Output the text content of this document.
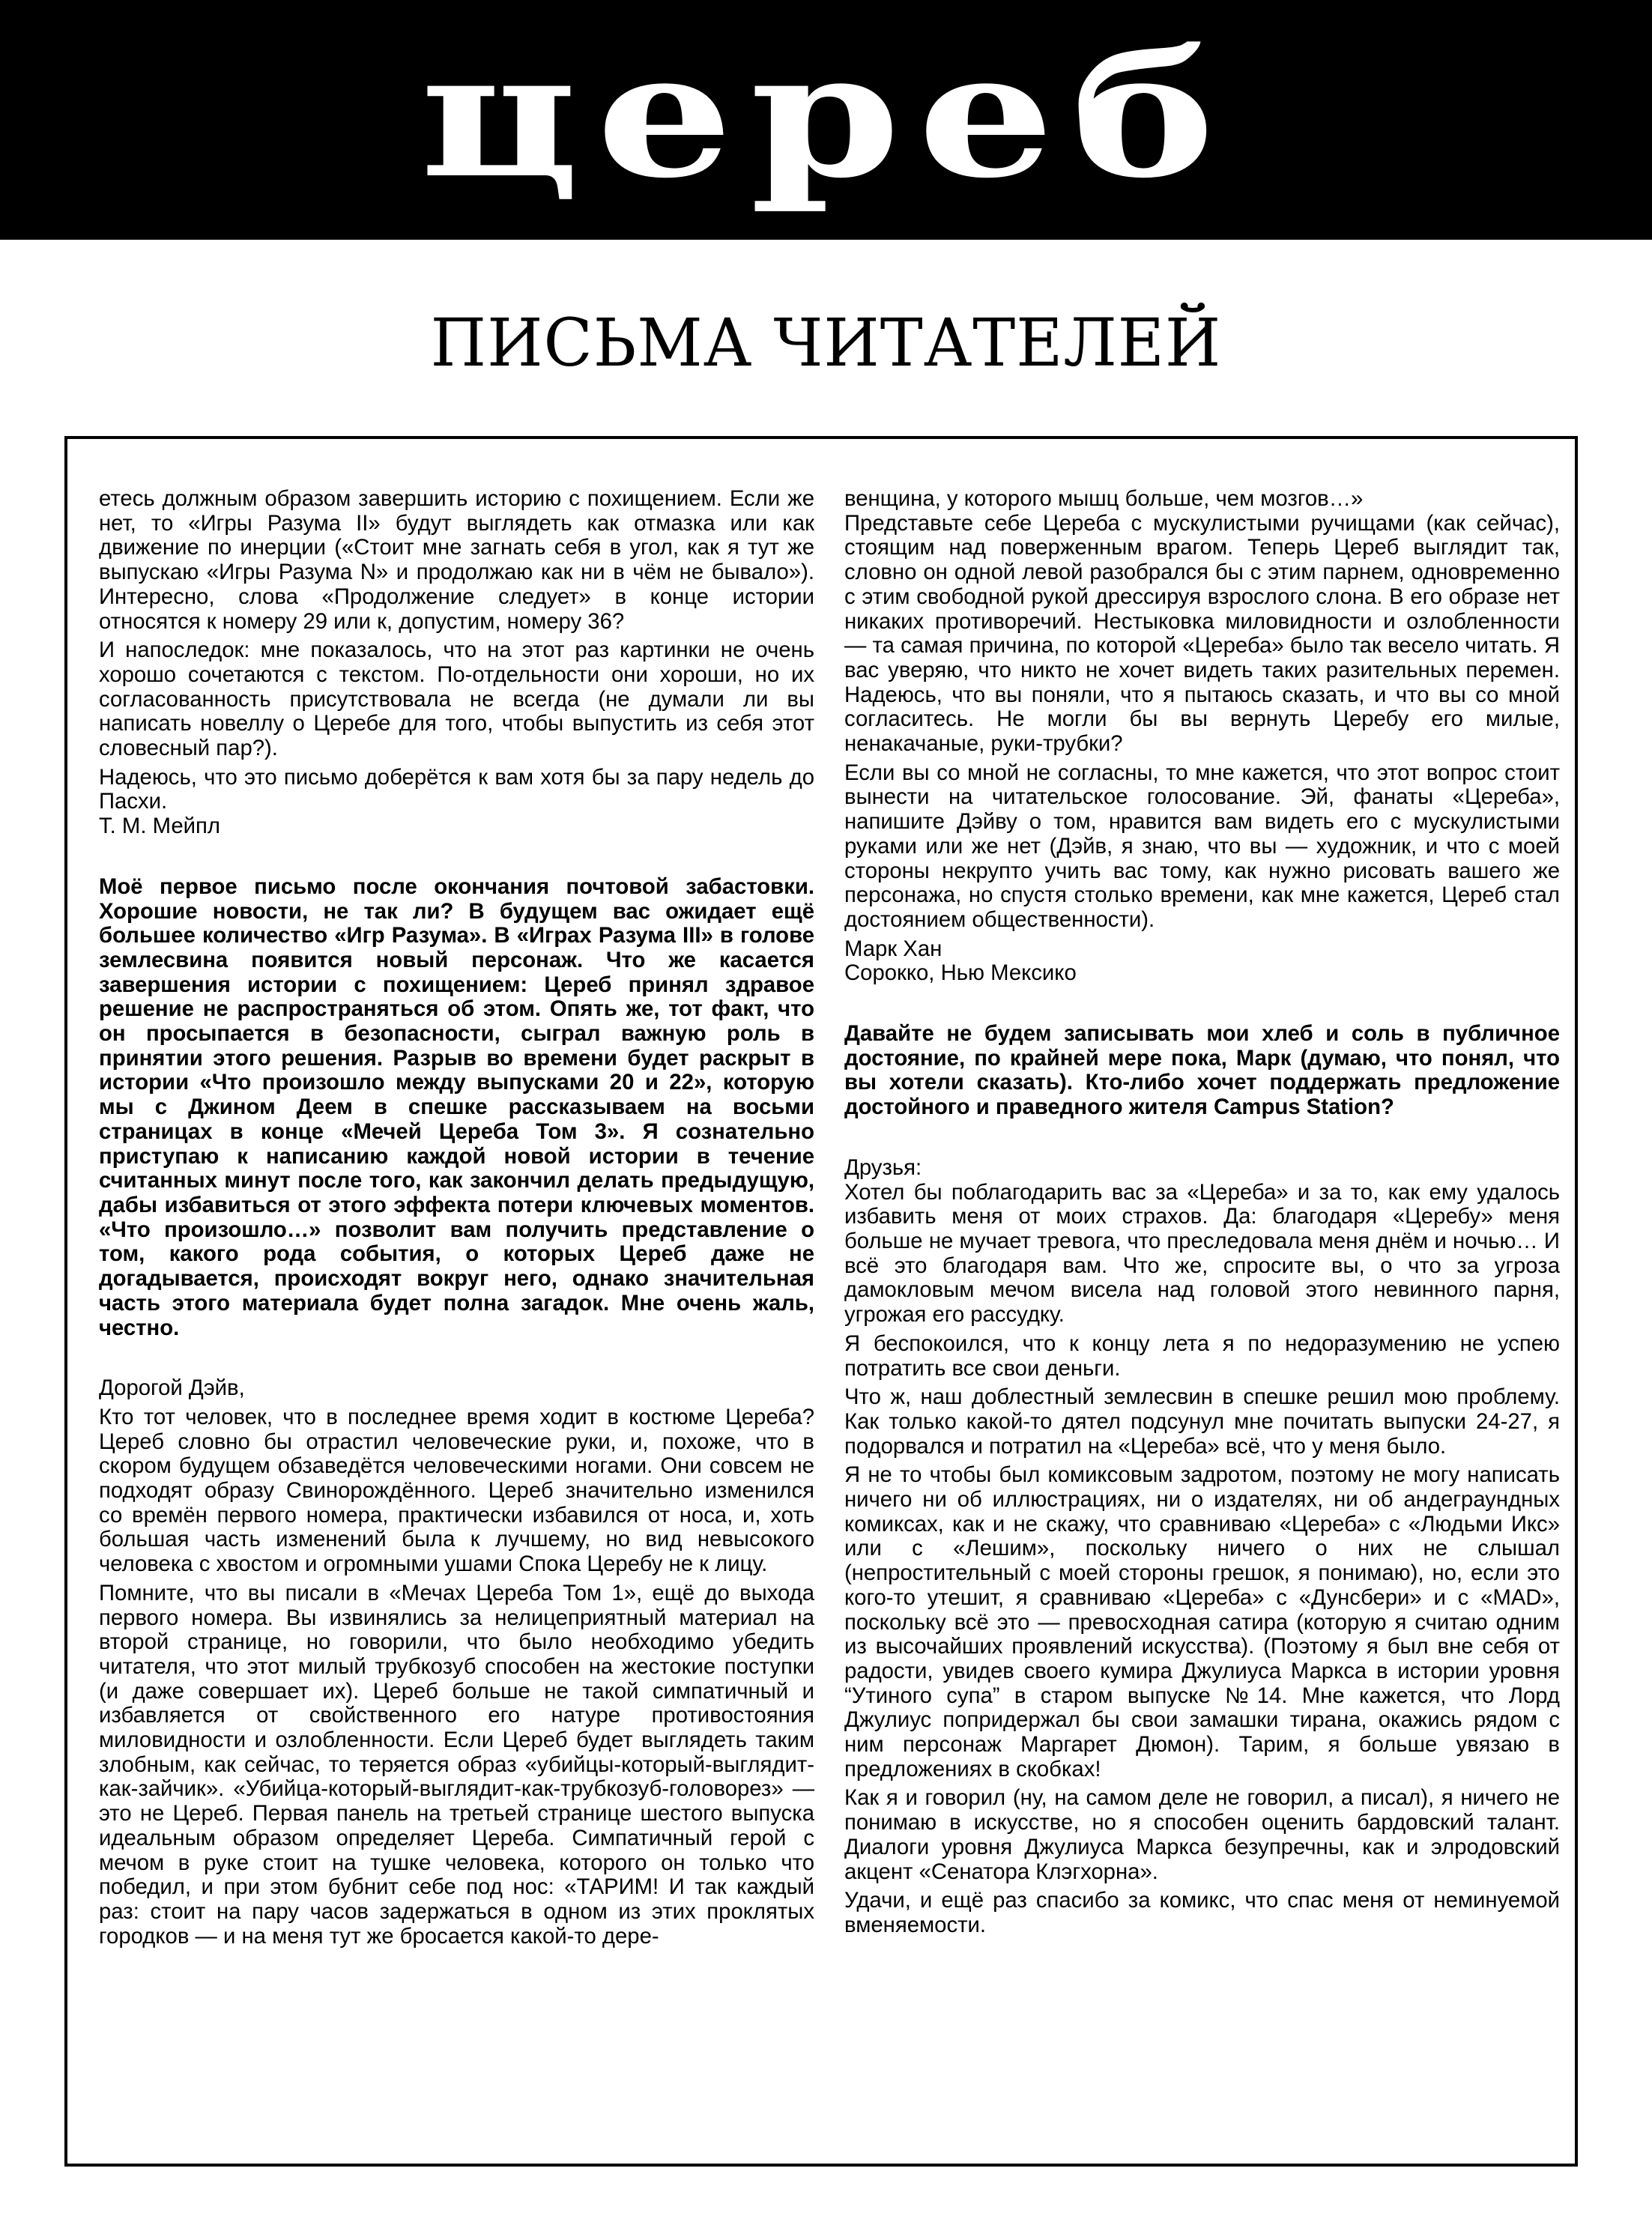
цереб
ПИСЬМА ЧИТАТЕЛЕЙ

етесь должным образом завершить историю с похищением. Если же нет, то «Игры Разума II» будут выглядеть как отмазка или как движение по инерции («Стоит мне загнать себя в угол, как я тут же выпускаю «Игры Разума N» и продолжаю как ни в чём не бывало»). Интересно, слова «Продолжение следует» в конце истории относятся к номеру 29 или к, допустим, номеру 36?

И напоследок: мне показалось, что на этот раз картинки не очень хорошо сочетаются с текстом. По-отдельности они хороши, но их согласованность присутствовала не всегда (не думали ли вы написать новеллу о Церебе для того, чтобы выпустить из себя этот словесный пар?).

Надеюсь, что это письмо доберётся к вам хотя бы за пару недель до Пасхи.

Т. М. Мейпл

Моё первое письмо после окончания почтовой забастовки. Хорошие новости, не так ли? В будущем вас ожидает ещё большее количество «Игр Разума». В «Играх Разума III» в голове землесвина появится новый персонаж. Что же касается завершения истории с похищением: Цереб принял здравое решение не распространяться об этом. Опять же, тот факт, что он просыпается в безопасности, сыграл важную роль в принятии этого решения. Разрыв во времени будет раскрыт в истории «Что произошло между выпусками 20 и 22», которую мы с Джином Деем в спешке рассказываем на восьми страницах в конце «Мечей Цереба Том 3». Я сознательно приступаю к написанию каждой новой истории в течение считанных минут после того, как закончил делать предыдущую, дабы избавиться от этого эффекта потери ключевых моментов. «Что произошло…» позволит вам получить представление о том, какого рода события, о которых Цереб даже не догадывается, происходят вокруг него, однако значительная часть этого материала будет полна загадок. Мне очень жаль, честно.

Дорогой Дэйв,

Кто тот человек, что в последнее время ходит в костюме Цереба? Цереб словно бы отрастил человеческие руки, и, похоже, что в скором будущем обзаведётся человеческими ногами. Они совсем не подходят образу Свинорождённого. Цереб значительно изменился со времён первого номера, практически избавился от носа, и, хоть большая часть изменений была к лучшему, но вид невысокого человека с хвостом и огромными ушами Спока Церебу не к лицу.

Помните, что вы писали в «Мечах Цереба Том 1», ещё до выхода первого номера. Вы извинялись за нелицеприятный материал на второй странице, но говорили, что было необходимо убедить читателя, что этот милый трубкозуб способен на жестокие поступки (и даже совершает их). Цереб больше не такой симпатичный и избавляется от свойственного его натуре противостояния миловидности и озлобленности. Если Цереб будет выглядеть таким злобным, как сейчас, то теряется образ «убийцы-который-выглядит-как-зайчик». «Убийца-который-выглядит-как-трубкозуб-головорез» — это не Цереб. Первая панель на третьей странице шестого выпуска идеальным образом определяет Цереба. Симпатичный герой с мечом в руке стоит на тушке человека, которого он только что победил, и при этом бубнит себе под нос: «ТАРИМ! И так каждый раз: стоит на пару часов задержаться в одном из этих проклятых городков — и на меня тут же бросается какой-то дере-

венщина, у которого мышц больше, чем мозгов…»

Представьте себе Цереба с мускулистыми ручищами (как сейчас), стоящим над поверженным врагом. Теперь Цереб выглядит так, словно он одной левой разобрался бы с этим парнем, одновременно с этим свободной рукой дрессируя взрослого слона. В его образе нет никаких противоречий. Нестыковка миловидности и озлобленности — та самая причина, по которой «Цереба» было так весело читать. Я вас уверяю, что никто не хочет видеть таких разительных перемен. Надеюсь, что вы поняли, что я пытаюсь сказать, и что вы со мной согласитесь. Не могли бы вы вернуть Церебу его милые, ненакачаные, руки-трубки?

Если вы со мной не согласны, то мне кажется, что этот вопрос стоит вынести на читательское голосование. Эй, фанаты «Цереба», напишите Дэйву о том, нравится вам видеть его с мускулистыми руками или же нет (Дэйв, я знаю, что вы — художник, и что с моей стороны некрупто учить вас тому, как нужно рисовать вашего же персонажа, но спустя столько времени, как мне кажется, Цереб стал достоянием общественности).

Марк Хан

Сорокко, Нью Мексико

Давайте не будем записывать мои хлеб и соль в публичное достояние, по крайней мере пока, Марк (думаю, что понял, что вы хотели сказать). Кто-либо хочет поддержать предложение достойного и праведного жителя Campus Station?

Друзья:

Хотел бы поблагодарить вас за «Цереба» и за то, как ему удалось избавить меня от моих страхов. Да: благодаря «Церебу» меня больше не мучает тревога, что преследовала меня днём и ночью… И всё это благодаря вам. Что же, спросите вы, о что за угроза дамокловым мечом висела над головой этого невинного парня, угрожая его рассудку.

Я беспокоился, что к концу лета я по недоразумению не успею потратить все свои деньги.

Что ж, наш доблестный землесвин в спешке решил мою проблему. Как только какой-то дятел подсунул мне почитать выпуски 24-27, я подорвался и потратил на «Цереба» всё, что у меня было.

Я не то чтобы был комиксовым задротом, поэтому не могу написать ничего ни об иллюстрациях, ни о издателях, ни об андеграундных комиксах, как и не скажу, что сравниваю «Цереба» с «Людьми Икс» или с «Лешим», поскольку ничего о них не слышал (непростительный с моей стороны грешок, я понимаю), но, если это кого-то утешит, я сравниваю «Цереба» с «Дунсбери» и с «MAD», поскольку всё это — превосходная сатира (которую я считаю одним из высочайших проявлений искусства). (Поэтому я был вне себя от радости, увидев своего кумира Джулиуса Маркса в истории уровня “Утиного супа” в старом выпуске №14. Мне кажется, что Лорд Джулиус попридержал бы свои замашки тирана, окажись рядом с ним персонаж Маргарет Дюмон). Тарим, я больше увязаю в предложениях в скобках!

Как я и говорил (ну, на самом деле не говорил, а писал), я ничего не понимаю в искусстве, но я способен оценить бардовский талант. Диалоги уровня Джулиуса Маркса безупречны, как и элродовский акцент «Сенатора Клэгхорна».

Удачи, и ещё раз спасибо за комикс, что спас меня от неминуемой вменяемости.
